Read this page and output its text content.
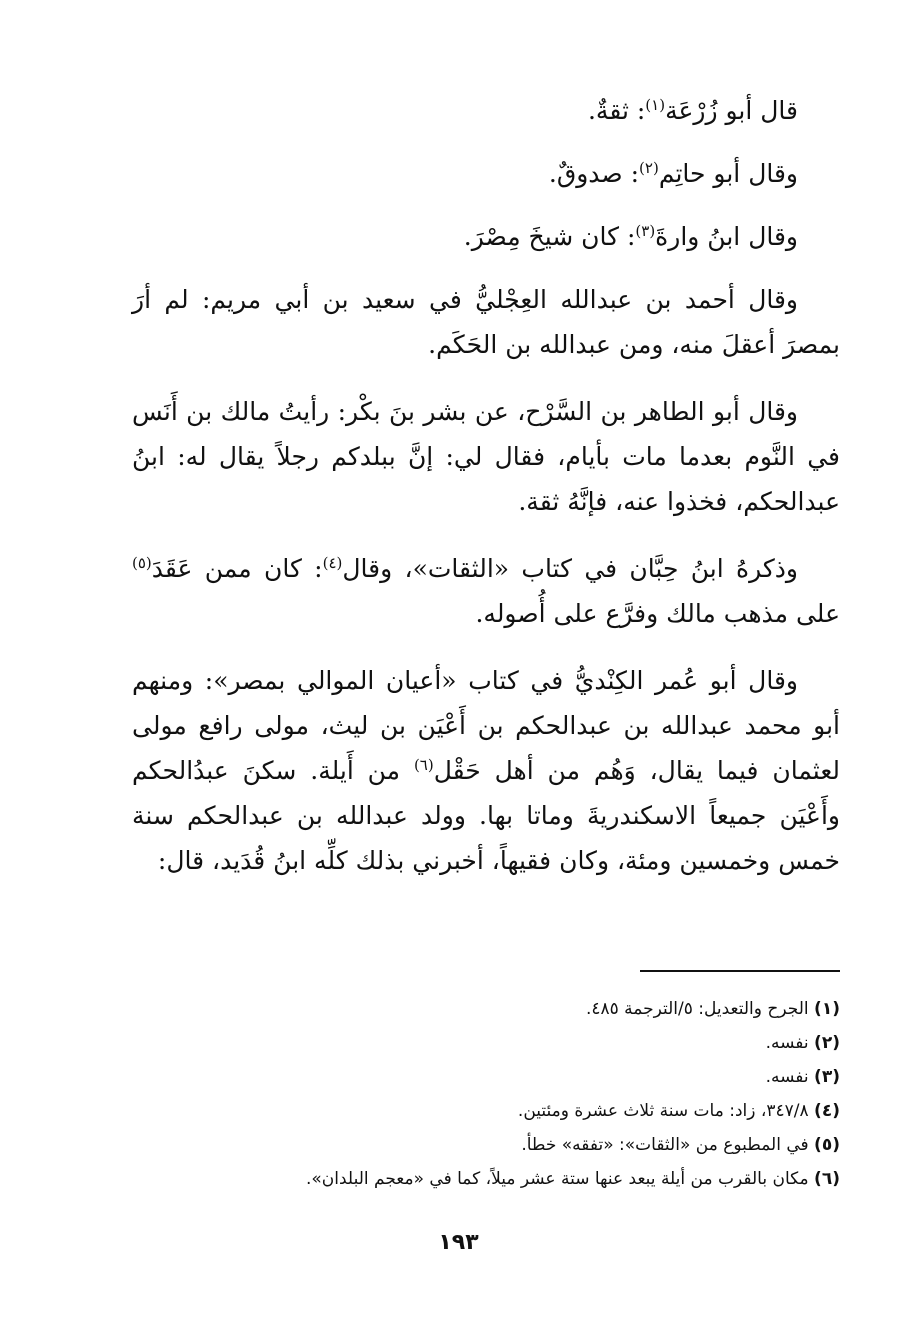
قال أبو زُرْعَة$^{(١)}$: ثقةٌ.

وقال أبو حاتِم$^{(٢)}$: صدوقٌ.

وقال ابنُ وارةَ$^{(٣)}$: كان شيخَ مِصْرَ.

وقال أحمد بن عبدالله العِجْليُّ في سعيد بن أبي مريم: لم أرَ بمصرَ أعقلَ منه، ومن عبدالله بن الحَكَم.

وقال أبو الطاهر بن السَّرْح، عن بشر بنَ بكْر: رأيتُ مالك بن أَنَس في النَّوم بعدما مات بأيام، فقال لي: إنَّ ببلدكم رجلاً يقال له: ابنُ عبدالحكم، فخذوا عنه، فإنَّهُ ثقة.

وذكرهُ ابنُ حِبَّان في كتاب «الثقات»، وقال$^{(٤)}$: كان ممن عَقَدَ$^{(٥)}$ على مذهب مالك وفرَّع على أُصوله.

وقال أبو عُمر الكِنْديُّ في كتاب «أعيان الموالي بمصر»: ومنهم أبو محمد عبدالله بن عبدالحكم بن أَعْيَن بن ليث، مولى رافع مولى لعثمان فيما يقال، وَهُم من أهل حَقْل$^{(٦)}$ من أَيلة. سكنَ عبدُالحكم وأَعْيَن جميعاً الاسكندريةَ وماتا بها. وولد عبدالله بن عبدالحكم سنة خمس وخمسين ومئة، وكان فقيهاً، أخبرني بذلك كلِّه ابنُ قُدَيد، قال:

(١) الجرح والتعديل: ٥/الترجمة ٤٨٥.
(٢) نفسه.
(٣) نفسه.
(٤) ٣٤٧/٨، زاد: مات سنة ثلاث عشرة ومئتين.
(٥) في المطبوع من «الثقات»: «تفقه» خطأ.
(٦) مكان بالقرب من أيلة يبعد عنها ستة عشر ميلاً، كما في «معجم البلدان».
١٩٣
